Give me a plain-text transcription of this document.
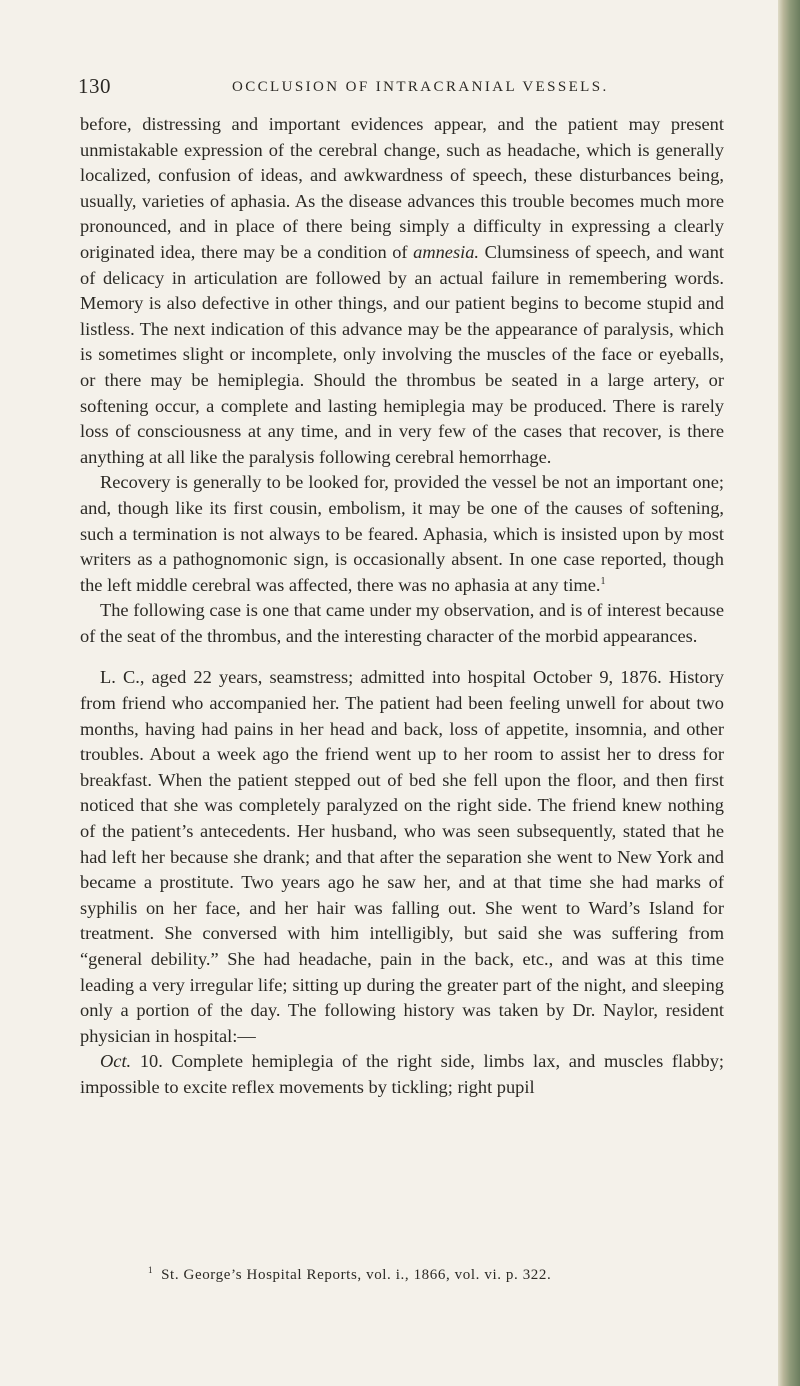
130	OCCLUSION OF INTRACRANIAL VESSELS.

before, distressing and important evidences appear, and the patient may present unmistakable expression of the cerebral change, such as headache, which is generally localized, confusion of ideas, and awkwardness of speech, these disturbances being, usually, varieties of aphasia. As the disease advances this trouble becomes much more pronounced, and in place of there being simply a difficulty in expressing a clearly originated idea, there may be a condition of amnesia. Clumsiness of speech, and want of delicacy in articulation are followed by an actual failure in remembering words. Memory is also defective in other things, and our patient begins to become stupid and listless. The next indication of this advance may be the appearance of paralysis, which is sometimes slight or incomplete, only involving the muscles of the face or eyeballs, or there may be hemiplegia. Should the thrombus be seated in a large artery, or softening occur, a complete and lasting hemiplegia may be produced. There is rarely loss of consciousness at any time, and in very few of the cases that recover, is there anything at all like the paralysis following cerebral hemorrhage.

Recovery is generally to be looked for, provided the vessel be not an important one; and, though like its first cousin, embolism, it may be one of the causes of softening, such a termination is not always to be feared. Aphasia, which is insisted upon by most writers as a pathognomonic sign, is occasionally absent. In one case reported, though the left middle cerebral was affected, there was no aphasia at any time.$^1$

The following case is one that came under my observation, and is of interest because of the seat of the thrombus, and the interesting character of the morbid appearances.

L. C., aged 22 years, seamstress; admitted into hospital October 9, 1876. History from friend who accompanied her. The patient had been feeling unwell for about two months, having had pains in her head and back, loss of appetite, insomnia, and other troubles. About a week ago the friend went up to her room to assist her to dress for breakfast. When the patient stepped out of bed she fell upon the floor, and then first noticed that she was completely paralyzed on the right side. The friend knew nothing of the patient’s antecedents. Her husband, who was seen subsequently, stated that he had left her because she drank; and that after the separation she went to New York and became a prostitute. Two years ago he saw her, and at that time she had marks of syphilis on her face, and her hair was falling out. She went to Ward’s Island for treatment. She conversed with him intelligibly, but said she was suffering from “general debility.” She had headache, pain in the back, etc., and was at this time leading a very irregular life; sitting up during the greater part of the night, and sleeping only a portion of the day. The following history was taken by Dr. Naylor, resident physician in hospital:—

Oct. 10. Complete hemiplegia of the right side, limbs lax, and muscles flabby; impossible to excite reflex movements by tickling; right pupil

$^1$ St. George’s Hospital Reports, vol. i., 1866, vol. vi. p. 322.
